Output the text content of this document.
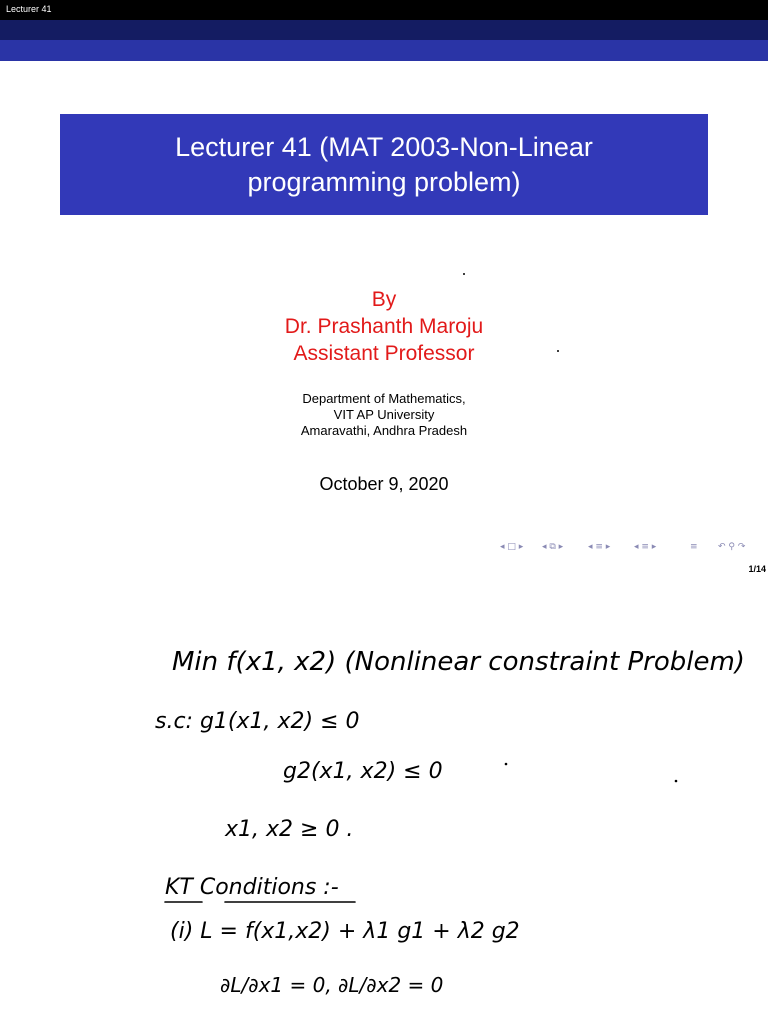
Lecturer 41
Lecturer 41 (MAT 2003-Non-Linear
programming problem)
By
Dr. Prashanth Maroju
Assistant Professor
Department of Mathematics,
VIT AP University
Amaravathi, Andhra Pradesh
October 9, 2020
◂ □ ▸ ◂ ⧉ ▸	◂ ≡ ▸	◂ ≡ ▸	≡ ↶ ⚲ ↷
1/14
Min f(x1, x2) (Nonlinear constraint Problem)
s.c: g1(x1, x2) ≤ 0
g2(x1, x2) ≤ 0
x1, x2 ≥ 0 .
KT Conditions :-
(i) L = f(x1,x2) + λ1 g1 + λ2 g2
∂L/∂x1 = 0, ∂L/∂x2 = 0
